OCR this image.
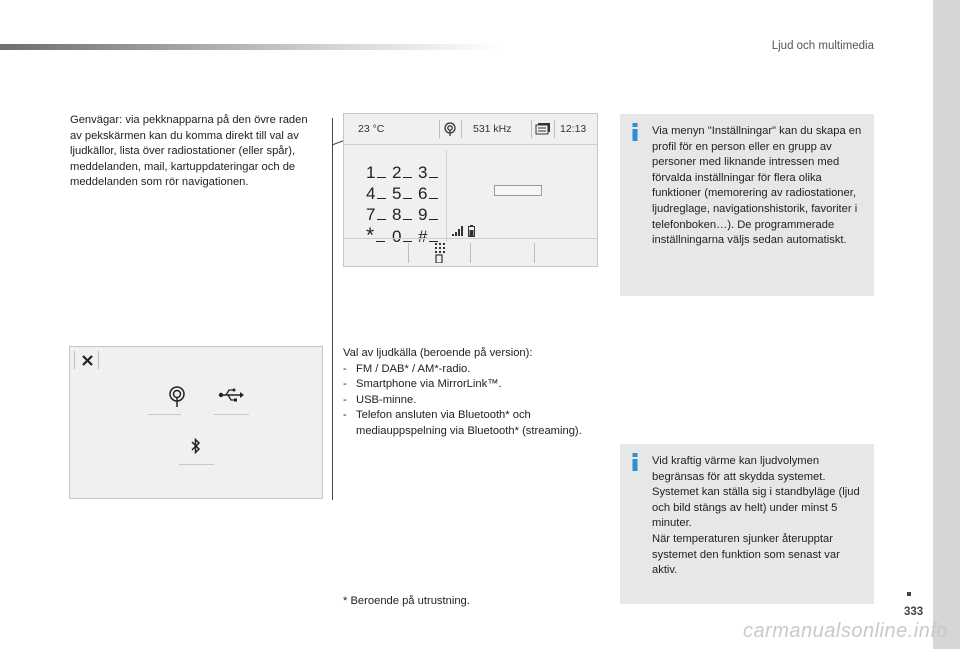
Ljud och multimedia
Genvägar: via pekknapparna på den övre raden av pekskärmen kan du komma direkt till val av ljudkällor, lista över radiostationer (eller spår), meddelanden, mail, kartuppdateringar och de meddelanden som rör navigationen.
23 °C	531 kHz	12:13
1 2 3
4 5 6
7 8 9
* 0 #
Val av ljudkälla (beroende på version):
- FM / DAB* / AM*-radio.
- Smartphone via MirrorLink™.
- USB-minne.
- Telefon ansluten via Bluetooth* och mediauppspelning via Bluetooth* (streaming).
Via menyn "Inställningar" kan du skapa en profil för en person eller en grupp av personer med liknande intressen med förvalda inställningar för flera olika funktioner (memorering av radiostationer, ljudreglage, navigationshistorik, favoriter i telefonboken…). De programmerade inställningarna väljs sedan automatiskt.
Vid kraftig värme kan ljudvolymen begränsas för att skydda systemet. Systemet kan ställa sig i standbyläge (ljud och bild stängs av helt) under minst 5 minuter.
När temperaturen sjunker återupptar systemet den funktion som senast var aktiv.
* Beroende på utrustning.
333
carmanualsonline.info
